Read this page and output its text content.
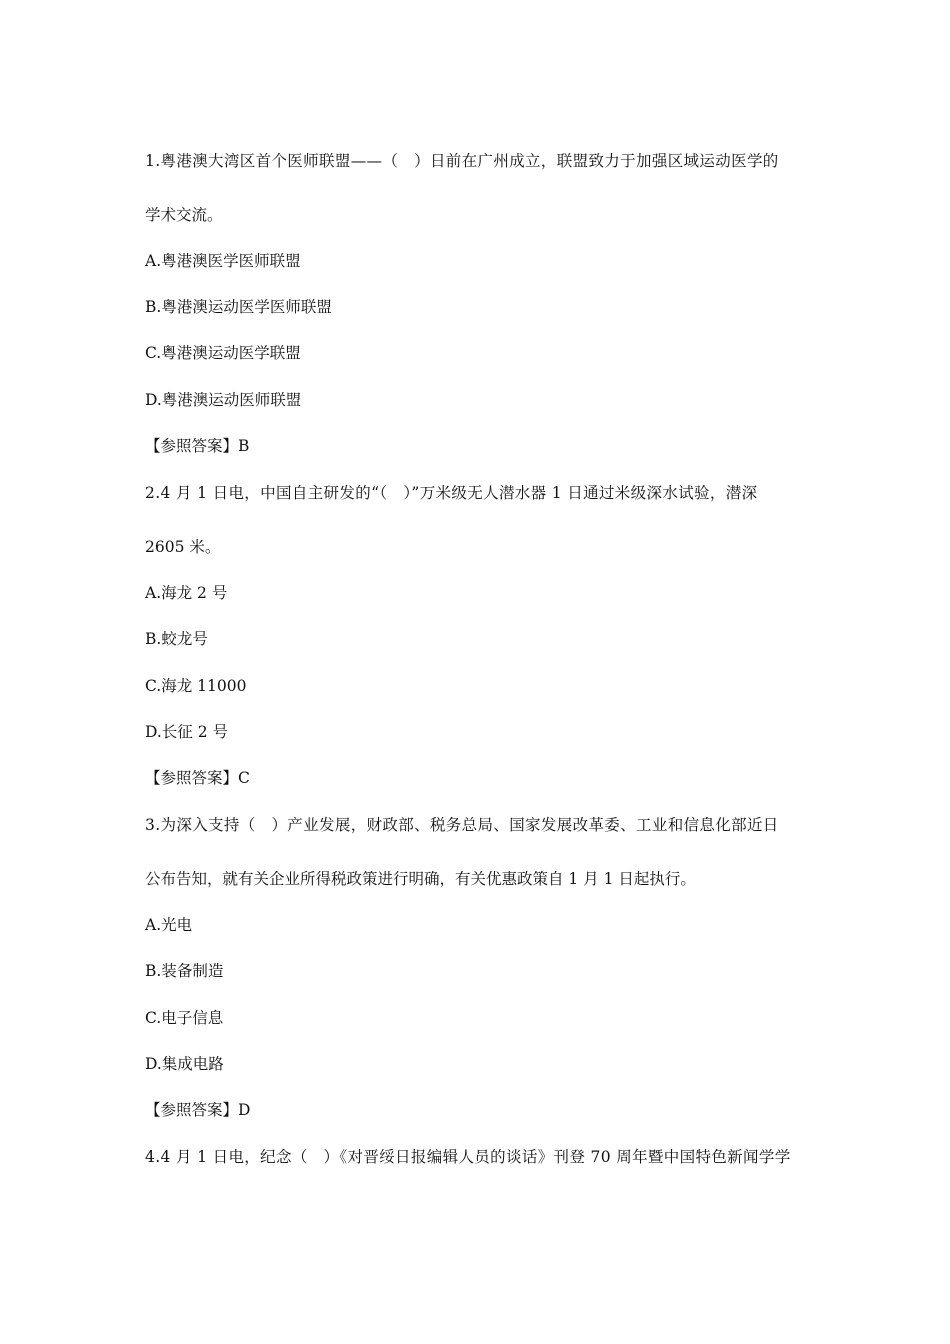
1.粤港澳大湾区首个医师联盟——（　）日前在广州成立，联盟致力于加强区域运动医学的
学术交流。
A.粤港澳医学医师联盟
B.粤港澳运动医学医师联盟
C.粤港澳运动医学联盟
D.粤港澳运动医师联盟
【参照答案】B
2.4 月 1 日电，中国自主研发的“（　）”万米级无人潜水器 1 日通过米级深水试验，潜深
2605 米。
A.海龙 2 号
B.蛟龙号
C.海龙 11000
D.长征 2 号
【参照答案】C
3.为深入支持（　）产业发展，财政部、税务总局、国家发展改革委、工业和信息化部近日
公布告知，就有关企业所得税政策进行明确，有关优惠政策自 1 月 1 日起执行。
A.光电
B.装备制造
C.电子信息
D.集成电路
【参照答案】D
4.4 月 1 日电，纪念（　）《对晋绥日报编辑人员的谈话》刊登 70 周年暨中国特色新闻学学
